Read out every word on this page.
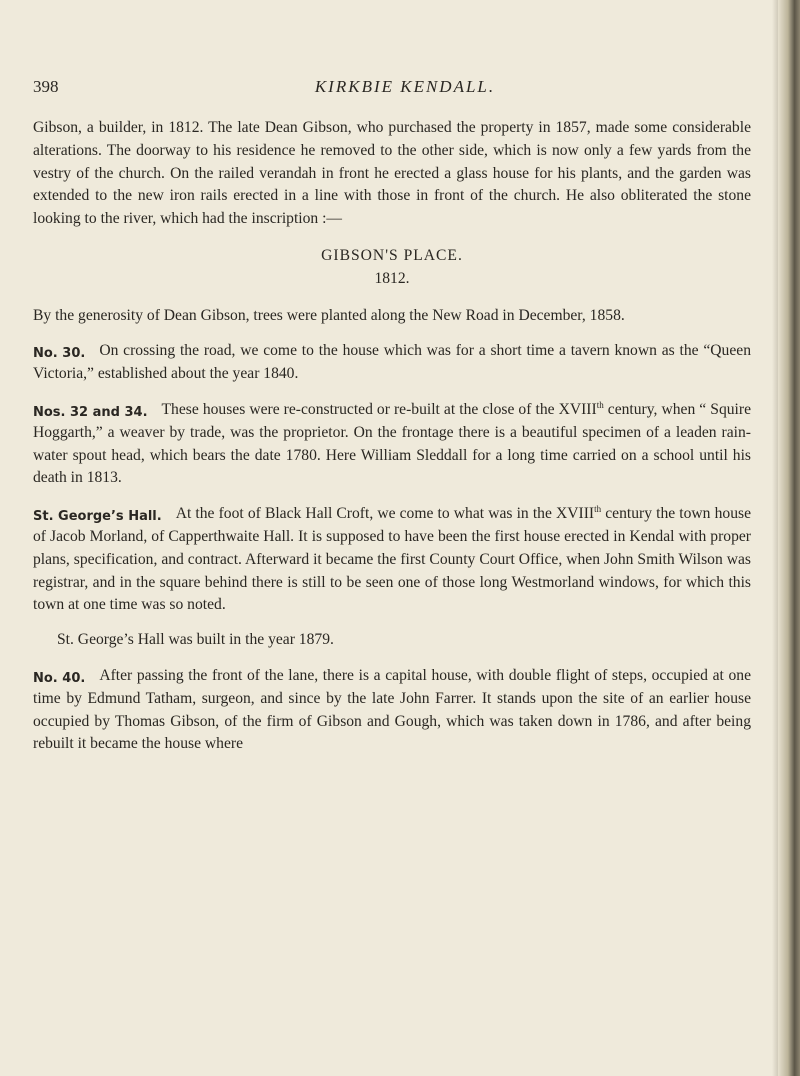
398	KIRKBIE KENDALL.

Gibson, a builder, in 1812. The late Dean Gibson, who purchased the property in 1857, made some considerable alterations. The doorway to his residence he removed to the other side, which is now only a few yards from the vestry of the church. On the railed verandah in front he erected a glass house for his plants, and the garden was extended to the new iron rails erected in a line with those in front of the church. He also obliterated the stone looking to the river, which had the inscription :—

GIBSON'S PLACE.

1812.

By the generosity of Dean Gibson, trees were planted along the New Road in December, 1858.

No. 30. On crossing the road, we come to the house which was for a short time a tavern known as the “Queen Victoria,” established about the year 1840.

Nos. 32 and 34. These houses were re-constructed or re-built at the close of the XVIIIth century, when “ Squire Hoggarth,” a weaver by trade, was the proprietor. On the frontage there is a beautiful specimen of a leaden rain-water spout head, which bears the date 1780. Here William Sleddall for a long time carried on a school until his death in 1813.

St. George’s Hall. At the foot of Black Hall Croft, we come to what was in the XVIIIth century the town house of Jacob Morland, of Capperthwaite Hall. It is supposed to have been the first house erected in Kendal with proper plans, specification, and contract. Afterward it became the first County Court Office, when John Smith Wilson was registrar, and in the square behind there is still to be seen one of those long Westmorland windows, for which this town at one time was so noted.

St. George’s Hall was built in the year 1879.

No. 40. After passing the front of the lane, there is a capital house, with double flight of steps, occupied at one time by Edmund Tatham, surgeon, and since by the late John Farrer. It stands upon the site of an earlier house occupied by Thomas Gibson, of the firm of Gibson and Gough, which was taken down in 1786, and after being rebuilt it became the house where
